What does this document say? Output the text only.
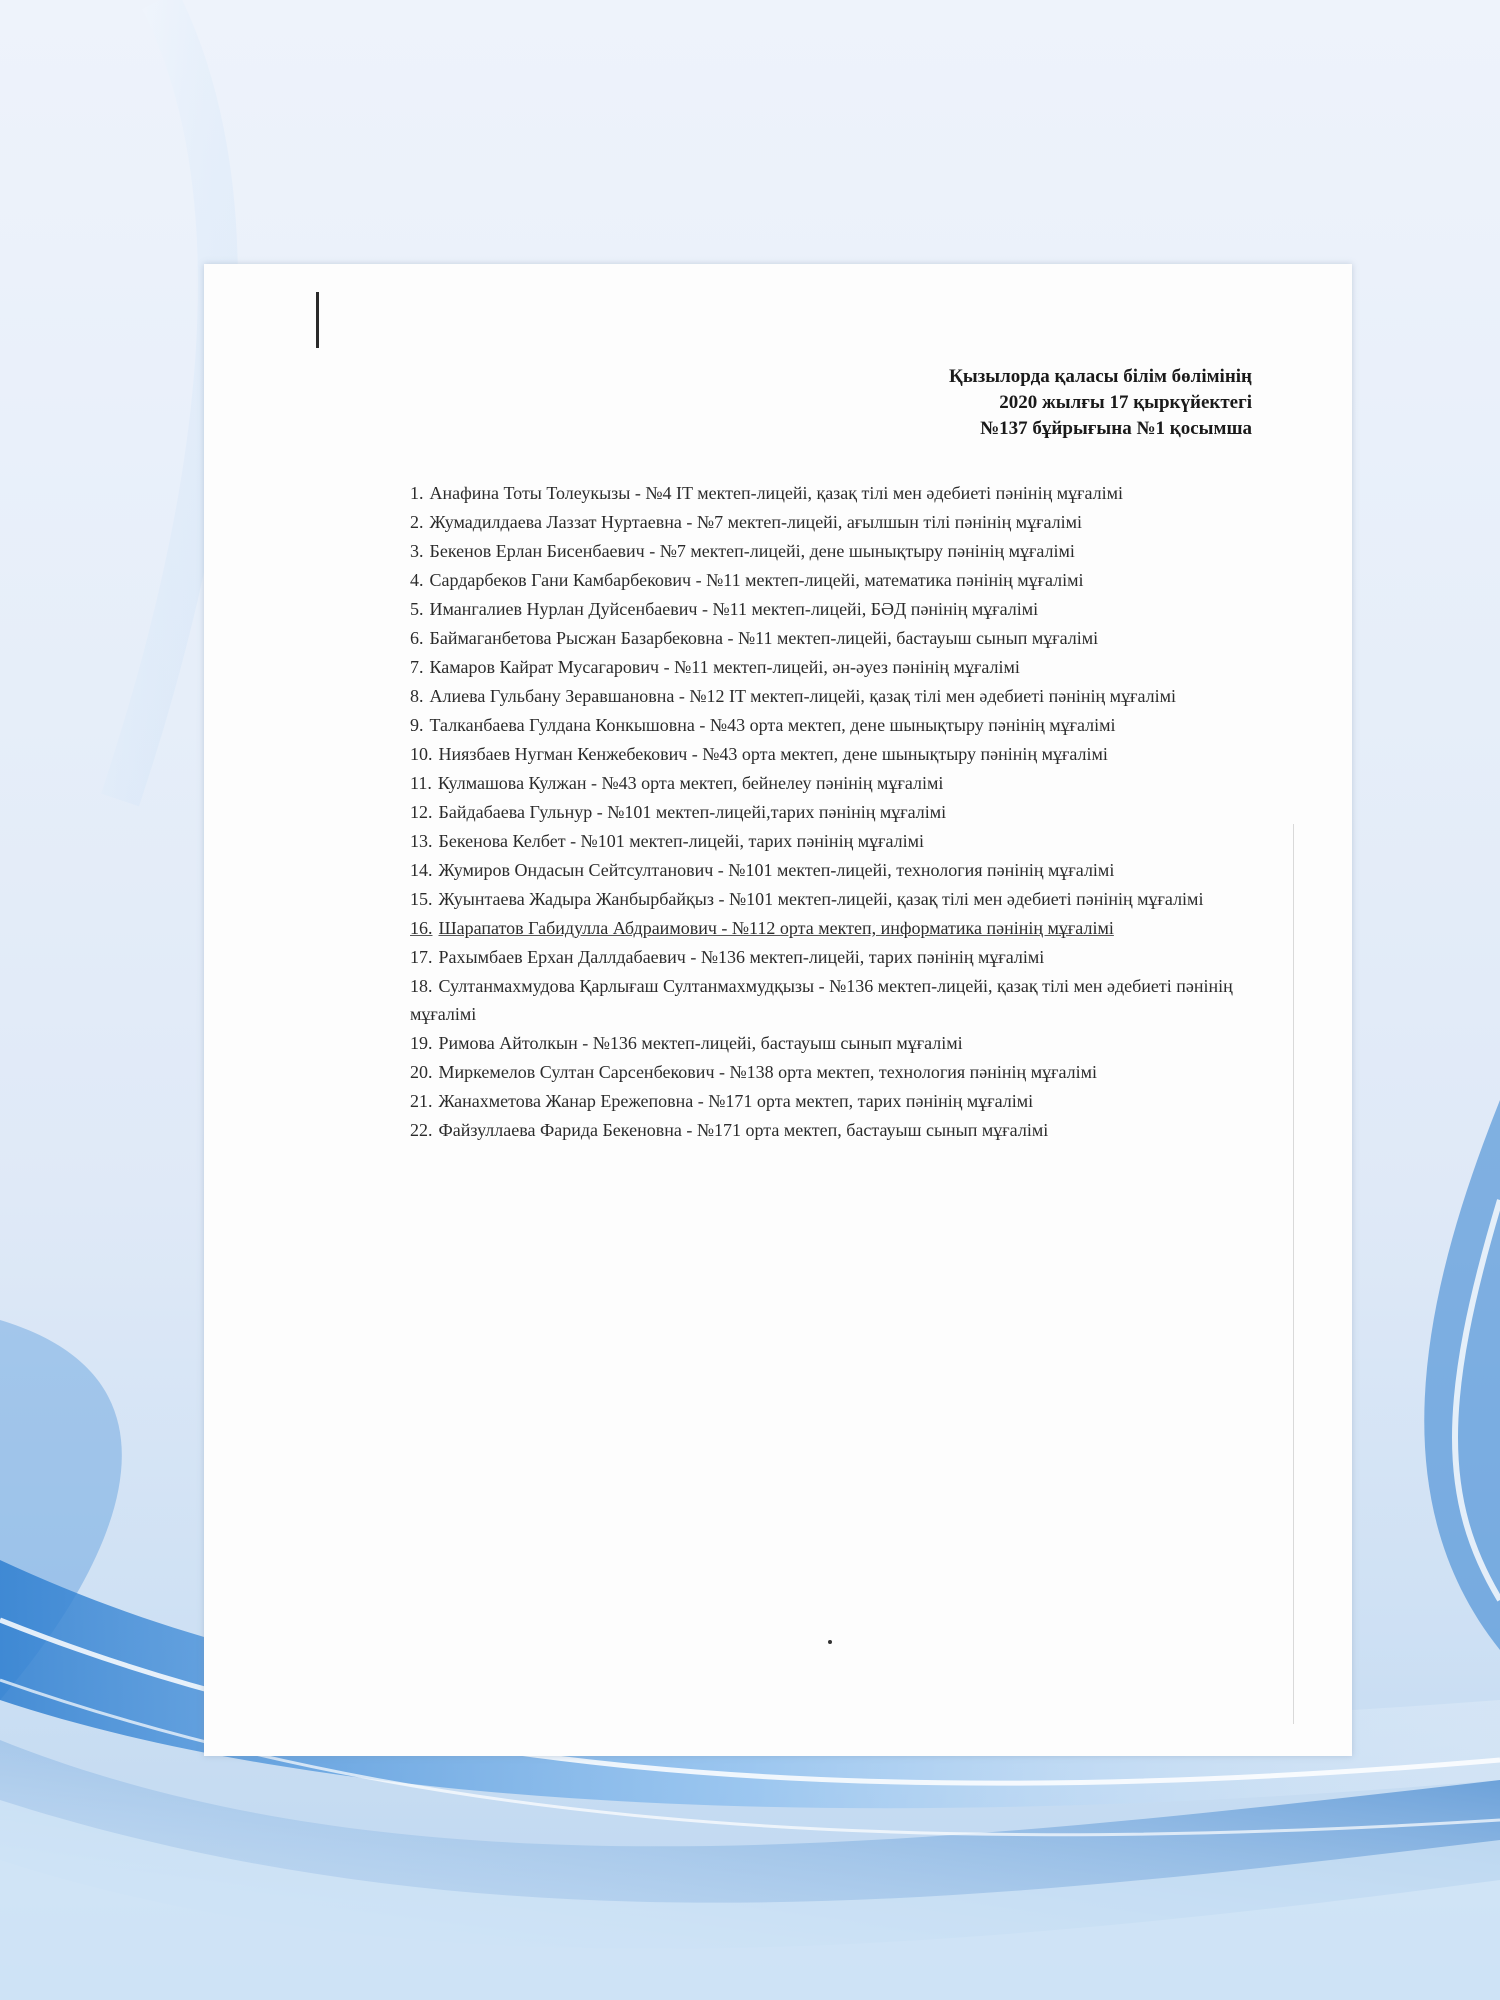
Қызылорда қаласы білім бөлімінің
2020 жылғы 17 қыркүйектегі
№137 бұйрығына №1 қосымша
1. Анафина Тоты Толеукызы - №4 IT мектеп-лицейі, қазақ тілі мен әдебиеті пәнінің мұғалімі
2. Жумадилдаева Лаззат Нуртаевна - №7 мектеп-лицейі, ағылшын тілі пәнінің мұғалімі
3. Бекенов Ерлан Бисенбаевич - №7 мектеп-лицейі, дене шынықтыру пәнінің мұғалімі
4. Сардарбеков Гани Камбарбекович - №11 мектеп-лицейі, математика пәнінің мұғалімі
5. Имангалиев Нурлан Дуйсенбаевич - №11 мектеп-лицейі, БӘД пәнінің мұғалімі
6. Баймаганбетова Рысжан Базарбековна - №11 мектеп-лицейі, бастауыш сынып мұғалімі
7. Камаров Кайрат Мусагарович - №11 мектеп-лицейі, ән-әуез пәнінің мұғалімі
8. Алиева Гульбану Зеравшановна - №12 IT мектеп-лицейі, қазақ тілі мен әдебиеті пәнінің мұғалімі
9. Талканбаева Гулдана Конкышовна - №43 орта мектеп, дене шынықтыру пәнінің мұғалімі
10. Ниязбаев Нугман Кенжебекович - №43 орта мектеп, дене шынықтыру пәнінің мұғалімі
11. Кулмашова Кулжан - №43 орта мектеп, бейнелеу пәнінің мұғалімі
12. Байдабаева Гульнур - №101 мектеп-лицейі,тарих пәнінің мұғалімі
13. Бекенова Келбет - №101 мектеп-лицейі, тарих пәнінің мұғалімі
14. Жумиров Ондасын Сейтсултанович - №101 мектеп-лицейі, технология пәнінің мұғалімі
15. Жуынтаева Жадыра Жанбырбайқыз - №101 мектеп-лицейі, қазақ тілі мен әдебиеті пәнінің мұғалімі
16. Шарапатов Габидулла Абдраимович - №112 орта мектеп, информатика пәнінің мұғалімі
17. Рахымбаев Ерхан Даллдабаевич - №136 мектеп-лицейі, тарих пәнінің мұғалімі
18. Султанмахмудова Қарлығаш Султанмахмудқызы - №136 мектеп-лицейі, қазақ тілі мен әдебиеті пәнінің мұғалімі
19. Римова Айтолкын - №136 мектеп-лицейі, бастауыш сынып мұғалімі
20. Миркемелов Султан Сарсенбекович - №138 орта мектеп, технология пәнінің мұғалімі
21. Жанахметова Жанар Ережеповна - №171 орта мектеп, тарих пәнінің мұғалімі
22. Файзуллаева Фарида Бекеновна - №171 орта мектеп, бастауыш сынып мұғалімі
